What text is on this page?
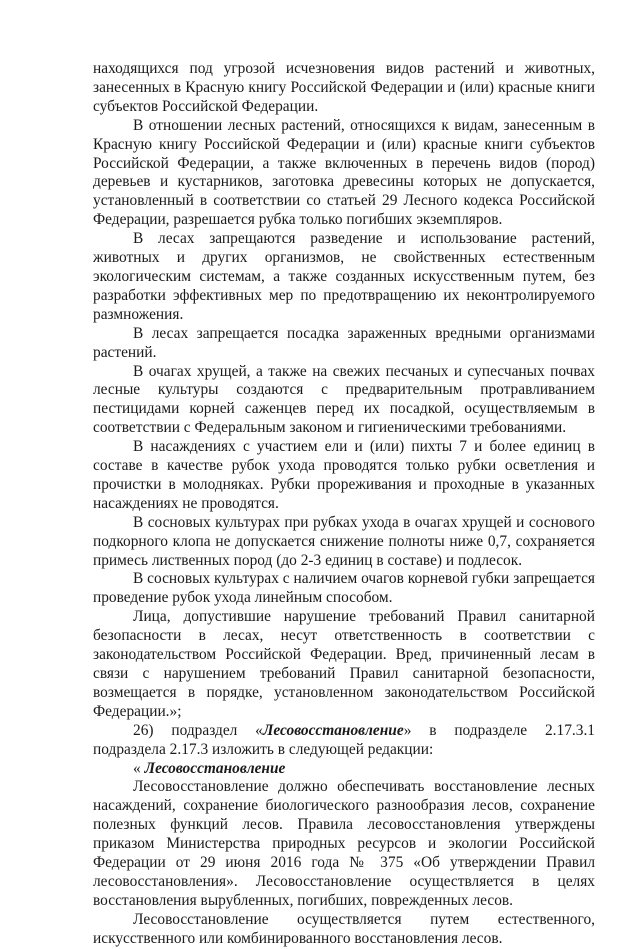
находящихся под угрозой исчезновения видов растений и животных, занесенных в Красную книгу Российской Федерации и (или) красные книги субъектов Российской Федерации.

В отношении лесных растений, относящихся к видам, занесенным в Красную книгу Российской Федерации и (или) красные книги субъектов Российской Федерации, а также включенных в перечень видов (пород) деревьев и кустарников, заготовка древесины которых не допускается, установленный в соответствии со статьей 29 Лесного кодекса Российской Федерации, разрешается рубка только погибших экземпляров.

В лесах запрещаются разведение и использование растений, животных и других организмов, не свойственных естественным экологическим системам, а также созданных искусственным путем, без разработки эффективных мер по предотвращению их неконтролируемого размножения.

В лесах запрещается посадка зараженных вредными организмами растений.

В очагах хрущей, а также на свежих песчаных и супесчаных почвах лесные культуры создаются с предварительным протравливанием пестицидами корней саженцев перед их посадкой, осуществляемым в соответствии с Федеральным законом и гигиеническими требованиями.

В насаждениях с участием ели и (или) пихты 7 и более единиц в составе в качестве рубок ухода проводятся только рубки осветления и прочистки в молодняках. Рубки прореживания и проходные в указанных насаждениях не проводятся.

В сосновых культурах при рубках ухода в очагах хрущей и соснового подкорного клопа не допускается снижение полноты ниже 0,7, сохраняется примесь лиственных пород (до 2-3 единиц в составе) и подлесок.

В сосновых культурах с наличием очагов корневой губки запрещается проведение рубок ухода линейным способом.

Лица, допустившие нарушение требований Правил санитарной безопасности в лесах, несут ответственность в соответствии с законодательством Российской Федерации. Вред, причиненный лесам в связи с нарушением требований Правил санитарной безопасности, возмещается в порядке, установленном законодательством Российской Федерации.»;

26) подраздел «Лесовосстановление» в подразделе 2.17.3.1 подраздела 2.17.3 изложить в следующей редакции:

« Лесовосстановление

Лесовосстановление должно обеспечивать восстановление лесных насаждений, сохранение биологического разнообразия лесов, сохранение полезных функций лесов. Правила лесовосстановления утверждены приказом Министерства природных ресурсов и экологии Российской Федерации от 29 июня 2016 года № 375 «Об утверждении Правил лесовосстановления». Лесовосстановление осуществляется в целях восстановления вырубленных, погибших, поврежденных лесов.

Лесовосстановление осуществляется путем естественного, искусственного или комбинированного восстановления лесов.
